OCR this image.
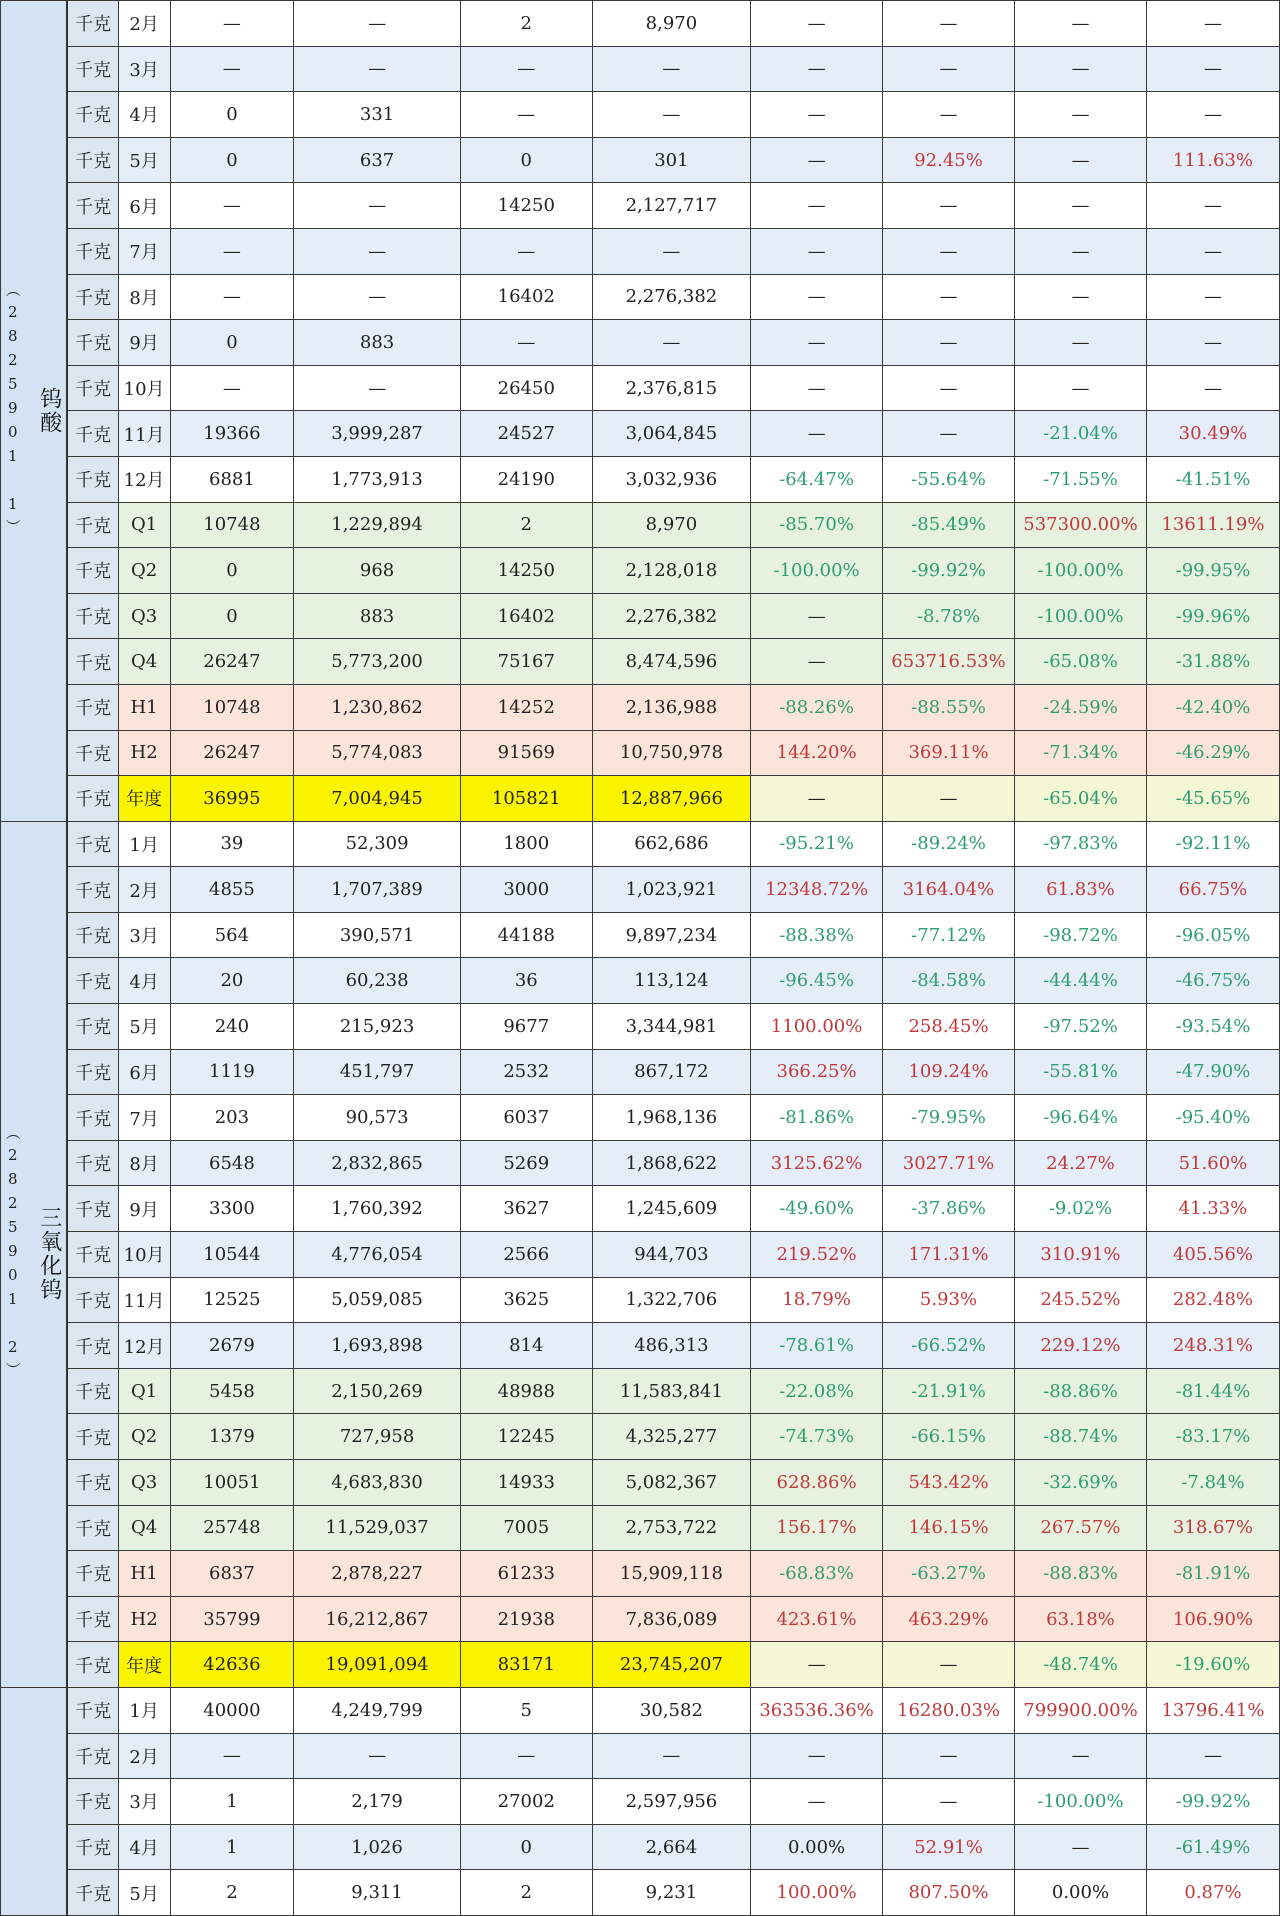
（2825901 1） 钨酸	千克	2月	—	—	2	8,970	—	—	—	—
	千克	3月	—	—	—	—	—	—	—	—
	千克	4月	0	331	—	—	—	—	—	—
	千克	5月	0	637	0	301	—	92.45%	—	111.63%
	千克	6月	—	—	14250	2,127,717	—	—	—	—
	千克	7月	—	—	—	—	—	—	—	—
	千克	8月	—	—	16402	2,276,382	—	—	—	—
	千克	9月	0	883	—	—	—	—	—	—
	千克	10月	—	—	26450	2,376,815	—	—	—	—
	千克	11月	19366	3,999,287	24527	3,064,845	—	—	-21.04%	30.49%
	千克	12月	6881	1,773,913	24190	3,032,936	-64.47%	-55.64%	-71.55%	-41.51%
	千克	Q1	10748	1,229,894	2	8,970	-85.70%	-85.49%	537300.00%	13611.19%
	千克	Q2	0	968	14250	2,128,018	-100.00%	-99.92%	-100.00%	-99.95%
	千克	Q3	0	883	16402	2,276,382	—	-8.78%	-100.00%	-99.96%
	千克	Q4	26247	5,773,200	75167	8,474,596	—	653716.53%	-65.08%	-31.88%
	千克	H1	10748	1,230,862	14252	2,136,988	-88.26%	-88.55%	-24.59%	-42.40%
	千克	H2	26247	5,774,083	91569	10,750,978	144.20%	369.11%	-71.34%	-46.29%
	千克	年度	36995	7,004,945	105821	12,887,966	—	—	-65.04%	-45.65%

（2825901 2） 三氧化钨	千克	1月	39	52,309	1800	662,686	-95.21%	-89.24%	-97.83%	-92.11%
	千克	2月	4855	1,707,389	3000	1,023,921	12348.72%	3164.04%	61.83%	66.75%
	千克	3月	564	390,571	44188	9,897,234	-88.38%	-77.12%	-98.72%	-96.05%
	千克	4月	20	60,238	36	113,124	-96.45%	-84.58%	-44.44%	-46.75%
	千克	5月	240	215,923	9677	3,344,981	1100.00%	258.45%	-97.52%	-93.54%
	千克	6月	1119	451,797	2532	867,172	366.25%	109.24%	-55.81%	-47.90%
	千克	7月	203	90,573	6037	1,968,136	-81.86%	-79.95%	-96.64%	-95.40%
	千克	8月	6548	2,832,865	5269	1,868,622	3125.62%	3027.71%	24.27%	51.60%
	千克	9月	3300	1,760,392	3627	1,245,609	-49.60%	-37.86%	-9.02%	41.33%
	千克	10月	10544	4,776,054	2566	944,703	219.52%	171.31%	310.91%	405.56%
	千克	11月	12525	5,059,085	3625	1,322,706	18.79%	5.93%	245.52%	282.48%
	千克	12月	2679	1,693,898	814	486,313	-78.61%	-66.52%	229.12%	248.31%
	千克	Q1	5458	2,150,269	48988	11,583,841	-22.08%	-21.91%	-88.86%	-81.44%
	千克	Q2	1379	727,958	12245	4,325,277	-74.73%	-66.15%	-88.74%	-83.17%
	千克	Q3	10051	4,683,830	14933	5,082,367	628.86%	543.42%	-32.69%	-7.84%
	千克	Q4	25748	11,529,037	7005	2,753,722	156.17%	146.15%	267.57%	318.67%
	千克	H1	6837	2,878,227	61233	15,909,118	-68.83%	-63.27%	-88.83%	-81.91%
	千克	H2	35799	16,212,867	21938	7,836,089	423.61%	463.29%	63.18%	106.90%
	千克	年度	42636	19,091,094	83171	23,745,207	—	—	-48.74%	-19.60%

	千克	1月	40000	4,249,799	5	30,582	363536.36%	16280.03%	799900.00%	13796.41%
	千克	2月	—	—	—	—	—	—	—	—
	千克	3月	1	2,179	27002	2,597,956	—	—	-100.00%	-99.92%
	千克	4月	1	1,026	0	2,664	0.00%	52.91%	—	-61.49%
	千克	5月	2	9,311	2	9,231	100.00%	807.50%	0.00%	0.87%
